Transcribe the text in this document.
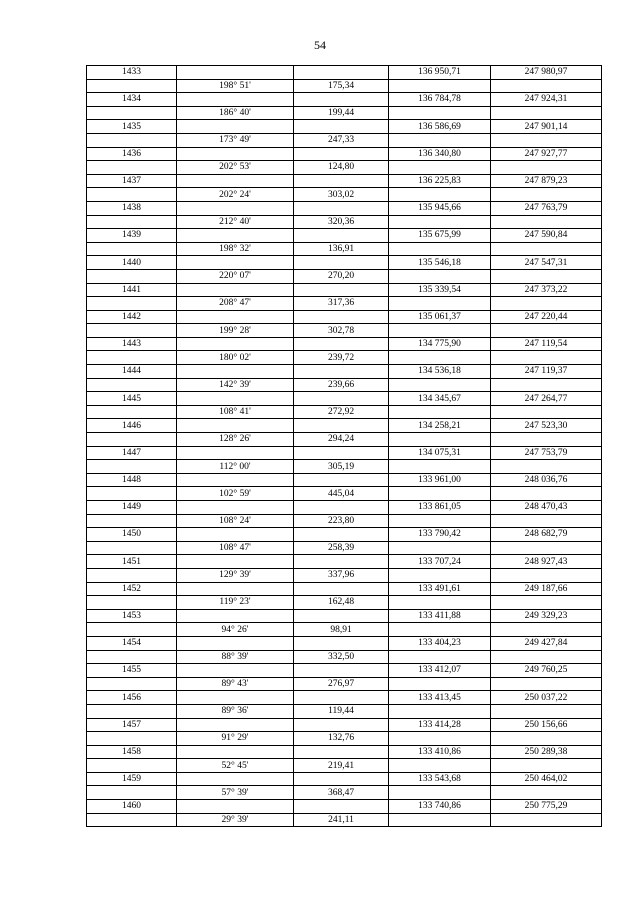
54
1433			136 950,71	247 980,97
	198° 51'	175,34		
1434			136 784,78	247 924,31
	186° 40'	199,44		
1435			136 586,69	247 901,14
	173° 49'	247,33		
1436			136 340,80	247 927,77
	202° 53'	124,80		
1437			136 225,83	247 879,23
	202° 24'	303,02		
1438			135 945,66	247 763,79
	212° 40'	320,36		
1439			135 675,99	247 590,84
	198° 32'	136,91		
1440			135 546,18	247 547,31
	220° 07'	270,20		
1441			135 339,54	247 373,22
	208° 47'	317,36		
1442			135 061,37	247 220,44
	199° 28'	302,78		
1443			134 775,90	247 119,54
	180° 02'	239,72		
1444			134 536,18	247 119,37
	142° 39'	239,66		
1445			134 345,67	247 264,77
	108° 41'	272,92		
1446			134 258,21	247 523,30
	128° 26'	294,24		
1447			134 075,31	247 753,79
	112° 00'	305,19		
1448			133 961,00	248 036,76
	102° 59'	445,04		
1449			133 861,05	248 470,43
	108° 24'	223,80		
1450			133 790,42	248 682,79
	108° 47'	258,39		
1451			133 707,24	248 927,43
	129° 39'	337,96		
1452			133 491,61	249 187,66
	119° 23'	162,48		
1453			133 411,88	249 329,23
	94° 26'	98,91		
1454			133 404,23	249 427,84
	88° 39'	332,50		
1455			133 412,07	249 760,25
	89° 43'	276,97		
1456			133 413,45	250 037,22
	89° 36'	119,44		
1457			133 414,28	250 156,66
	91° 29'	132,76		
1458			133 410,86	250 289,38
	52° 45'	219,41		
1459			133 543,68	250 464,02
	57° 39'	368,47		
1460			133 740,86	250 775,29
	29° 39'	241,11		
